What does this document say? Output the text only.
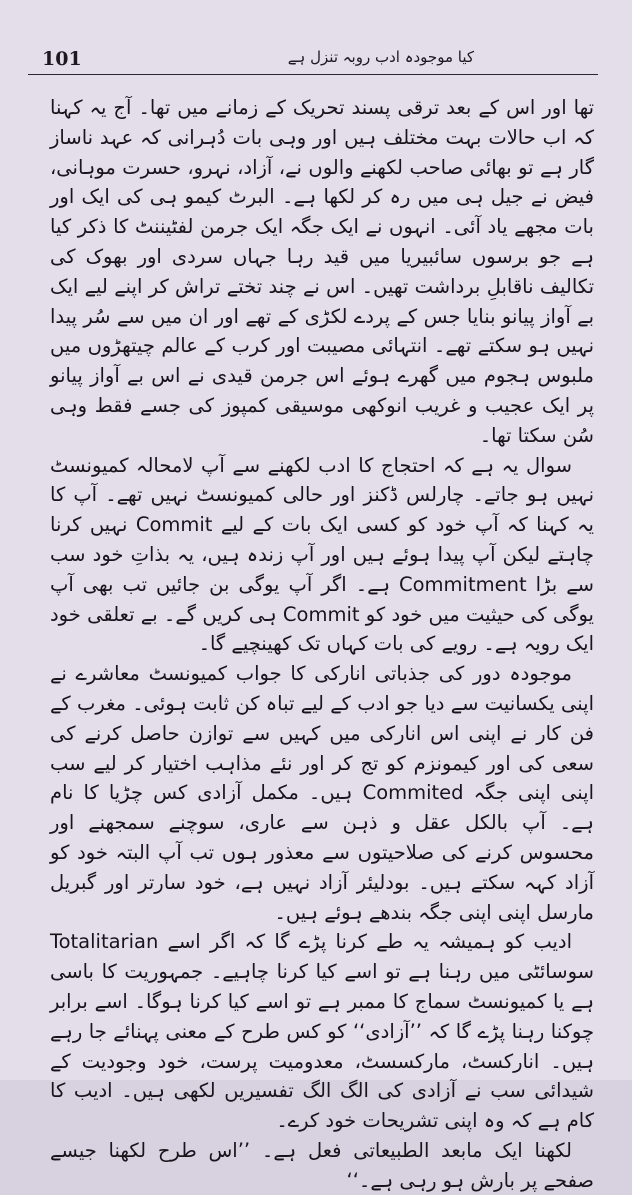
101	کیا موجودہ ادب روبہ تنزل ہے

تھا اور اس کے بعد ترقی پسند تحریک کے زمانے میں تھا۔ آج یہ کہنا کہ اب حالات بہت مختلف ہیں اور وہی بات دُہرانی کہ عہد ناساز گار ہے تو بھائی صاحب لکھنے والوں نے، آزاد، نہرو، حسرت موہانی، فیض نے جیل ہی میں رہ کر لکھا ہے۔ البرٹ کیمو ہی کی ایک اور بات مجھے یاد آئی۔ انہوں نے ایک جگہ ایک جرمن لفٹیننٹ کا ذکر کیا ہے جو برسوں سائبیریا میں قید رہا جہاں سردی اور بھوک کی تکالیف ناقابلِ برداشت تھیں۔ اس نے چند تختے تراش کر اپنے لیے ایک بے آواز پیانو بنایا جس کے پردے لکڑی کے تھے اور ان میں سے سُر پیدا نہیں ہو سکتے تھے۔ انتہائی مصیبت اور کرب کے عالم چیتھڑوں میں ملبوس ہجوم میں گھرے ہوئے اس جرمن قیدی نے اس بے آواز پیانو پر ایک عجیب و غریب انوکھی موسیقی کمپوز کی جسے فقط وہی سُن سکتا تھا۔

سوال یہ ہے کہ احتجاج کا ادب لکھنے سے آپ لامحالہ کمیونسٹ نہیں ہو جاتے۔ چارلس ڈکنز اور حالی کمیونسٹ نہیں تھے۔ آپ کا یہ کہنا کہ آپ خود کو کسی ایک بات کے لیے Commit نہیں کرنا چاہتے لیکن آپ پیدا ہوئے ہیں اور آپ زندہ ہیں، یہ بذاتِ خود سب سے بڑا Commitment ہے۔ اگر آپ یوگی بن جائیں تب بھی آپ یوگی کی حیثیت میں خود کو Commit ہی کریں گے۔ بے تعلقی خود ایک رویہ ہے۔ رویے کی بات کہاں تک کھینچیے گا۔

موجودہ دور کی جذباتی انارکی کا جواب کمیونسٹ معاشرے نے اپنی یکسانیت سے دیا جو ادب کے لیے تباہ کن ثابت ہوئی۔ مغرب کے فن کار نے اپنی اس انارکی میں کہیں سے توازن حاصل کرنے کی سعی کی اور کیمونزم کو تج کر اور نئے مذاہب اختیار کر لیے سب اپنی اپنی جگہ Commited ہیں۔ مکمل آزادی کس چڑیا کا نام ہے۔ آپ بالکل عقل و ذہن سے عاری، سوچنے سمجھنے اور محسوس کرنے کی صلاحیتوں سے معذور ہوں تب آپ البتہ خود کو آزاد کہہ سکتے ہیں۔ بودلیئر آزاد نہیں ہے، خود سارتر اور گبریل مارسل اپنی اپنی جگہ بندھے ہوئے ہیں۔

ادیب کو ہمیشہ یہ طے کرنا پڑے گا کہ اگر اسے Totalitarian سوسائٹی میں رہنا ہے تو اسے کیا کرنا چاہیے۔ جمہوریت کا باسی ہے یا کمیونسٹ سماج کا ممبر ہے تو اسے کیا کرنا ہوگا۔ اسے برابر چوکنا رہنا پڑے گا کہ ’’آزادی‘‘ کو کس طرح کے معنی پہنائے جا رہے ہیں۔ انارکسٹ، مارکسسٹ، معدومیت پرست، خود وجودیت کے شیدائی سب نے آزادی کی الگ الگ تفسیریں لکھی ہیں۔ ادیب کا کام ہے کہ وہ اپنی تشریحات خود کرے۔

لکھنا ایک مابعد الطبیعاتی فعل ہے۔ ’’اس طرح لکھنا جیسے صفحے پر بارش ہو رہی ہے۔‘‘
